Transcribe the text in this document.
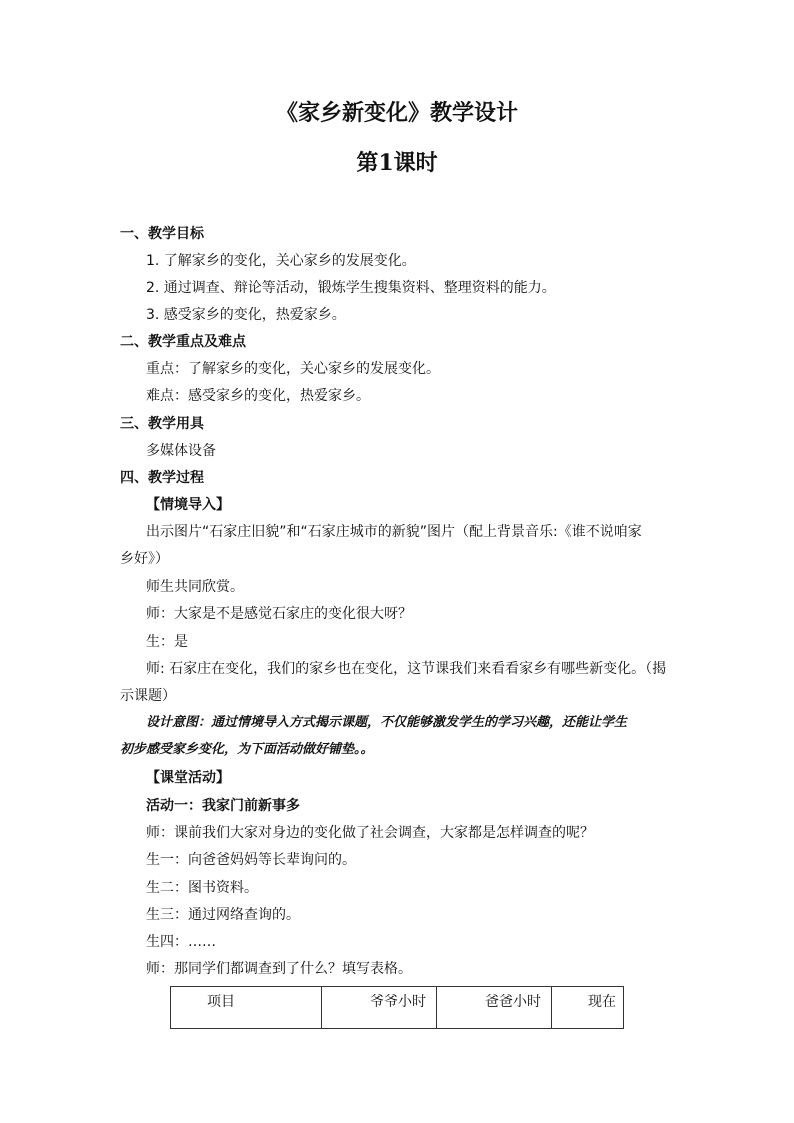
《家乡新变化》教学设计
第1课时
一、教学目标
1. 了解家乡的变化，关心家乡的发展变化。
2. 通过调查、辩论等活动，锻炼学生搜集资料、整理资料的能力。
3. 感受家乡的变化，热爱家乡。
二、教学重点及难点
重点：了解家乡的变化，关心家乡的发展变化。
难点：感受家乡的变化，热爱家乡。
三、教学用具
多媒体设备
四、教学过程
【情境导入】
出示图片“石家庄旧貌”和“石家庄城市的新貌”图片（配上背景音乐:《谁不说咱家
乡好》）
师生共同欣赏。
师：大家是不是感觉石家庄的变化很大呀？
生：是
师: 石家庄在变化，我们的家乡也在变化，这节课我们来看看家乡有哪些新变化。（揭
示课题）
设计意图：通过情境导入方式揭示课题，不仅能够激发学生的学习兴趣，还能让学生
初步感受家乡变化，为下面活动做好铺垫。。
【课堂活动】
活动一：我家门前新事多
师：课前我们大家对身边的变化做了社会调查，大家都是怎样调查的呢？
生一：向爸爸妈妈等长辈询问的。
生二：图书资料。
生三：通过网络查询的。
生四：……
师：那同学们都调查到了什么？填写表格。
项目	爷爷小时	爸爸小时	现在
